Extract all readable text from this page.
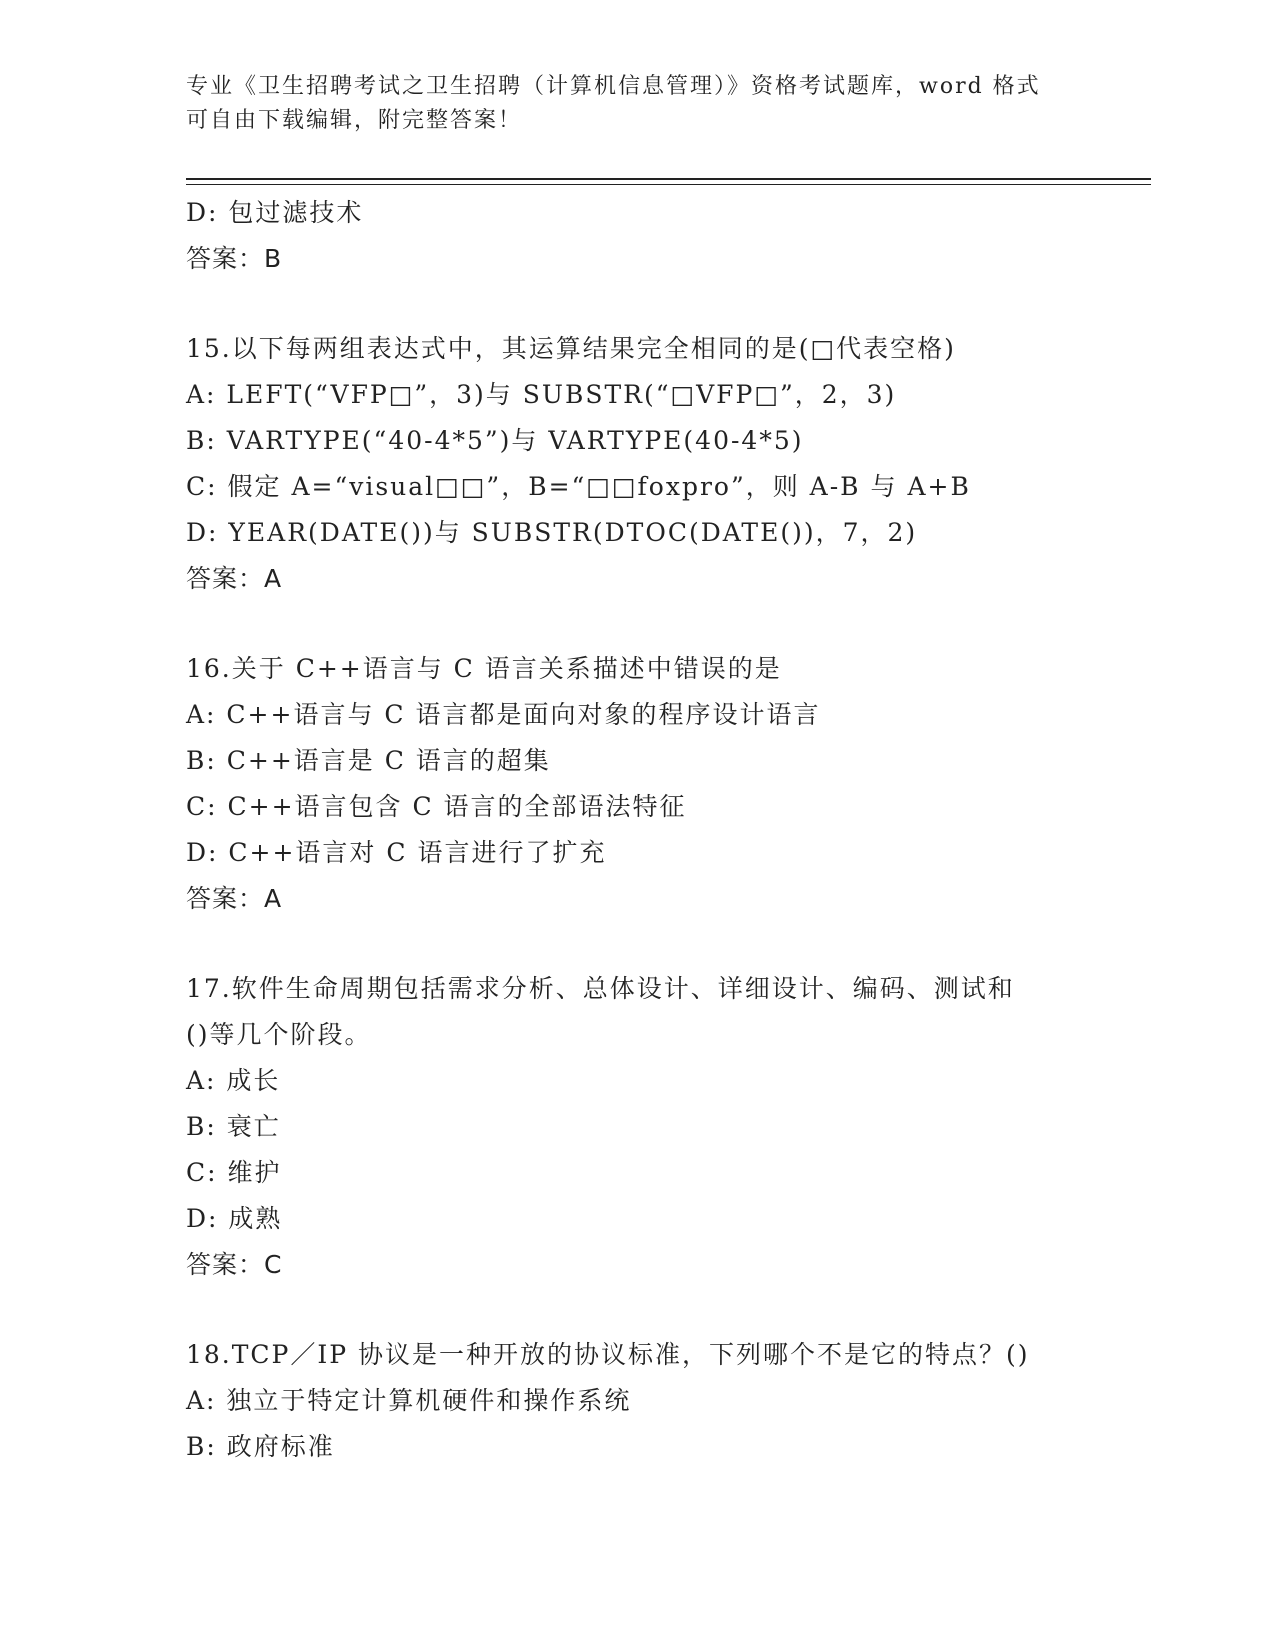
专业《卫生招聘考试之卫生招聘（计算机信息管理）》资格考试题库，word 格式
可自由下载编辑，附完整答案！
D: 包过滤技术
答案：B
15.以下每两组表达式中，其运算结果完全相同的是(□代表空格)
A: LEFT(“VFP□”，3)与 SUBSTR(“□VFP□”，2，3)
B: VARTYPE(“40-4*5”)与 VARTYPE(40-4*5)
C: 假定 A=“visual□□”，B=“□□foxpro”，则 A-B 与 A+B
D: YEAR(DATE())与 SUBSTR(DTOC(DATE())，7，2)
答案：A
16.关于 C++语言与 C 语言关系描述中错误的是
A: C++语言与 C 语言都是面向对象的程序设计语言
B: C++语言是 C 语言的超集
C: C++语言包含 C 语言的全部语法特征
D: C++语言对 C 语言进行了扩充
答案：A
17.软件生命周期包括需求分析、总体设计、详细设计、编码、测试和
()等几个阶段。
A: 成长
B: 衰亡
C: 维护
D: 成熟
答案：C
18.TCP／IP 协议是一种开放的协议标准，下列哪个不是它的特点？()
A: 独立于特定计算机硬件和操作系统
B: 政府标准
